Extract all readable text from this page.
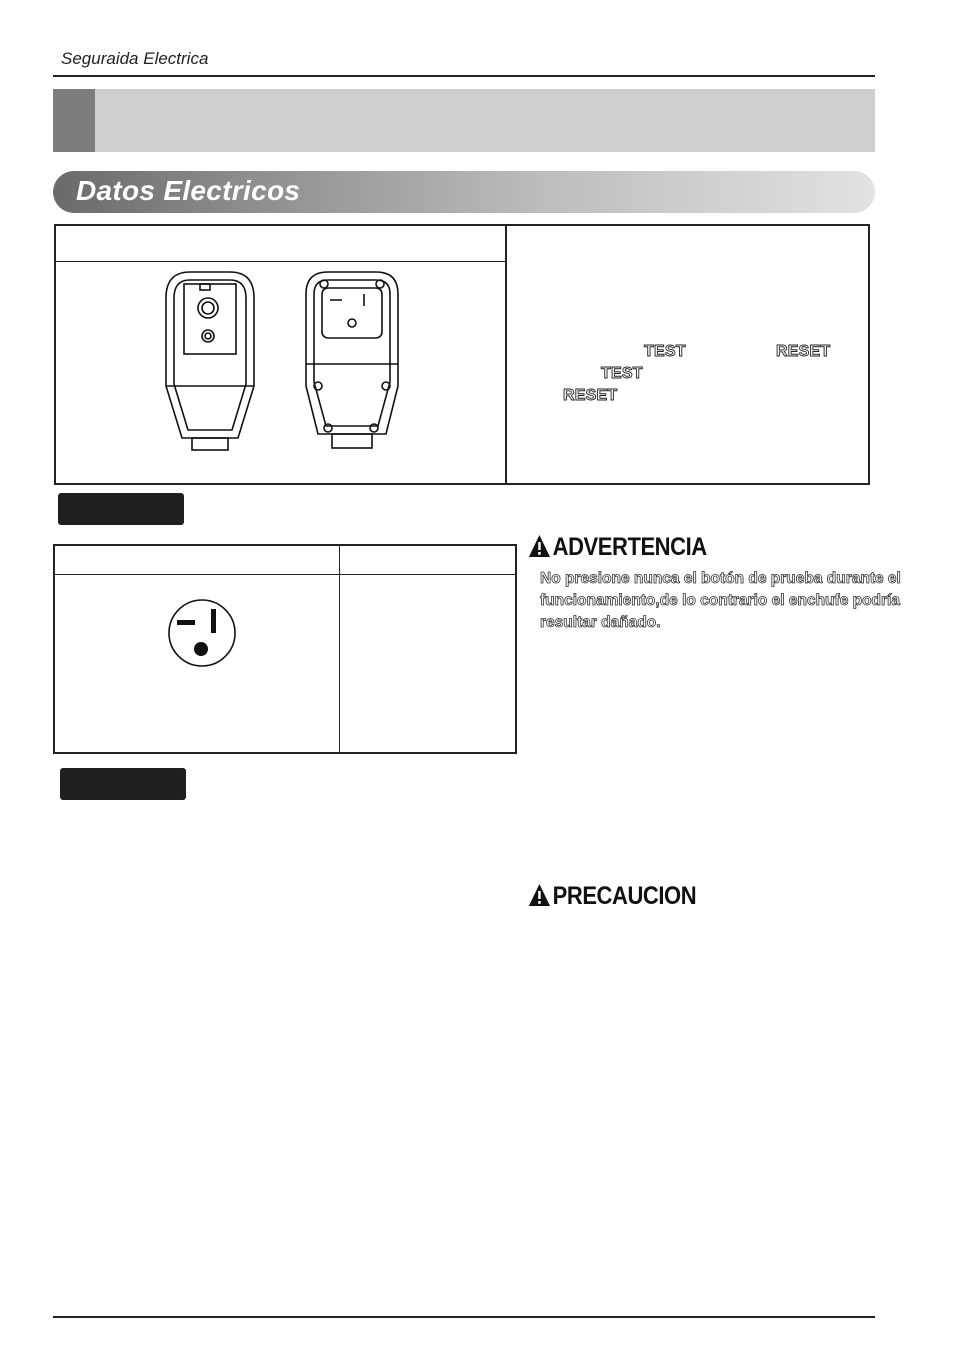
Seguraida Electrica
Datos Electricos
TEST	RESET
TEST
RESET
ADVERTENCIA
No presione nunca el botón de prueba durante el funcionamiento,de lo contrario el enchufe podría resultar dañado.
PRECAUCION
